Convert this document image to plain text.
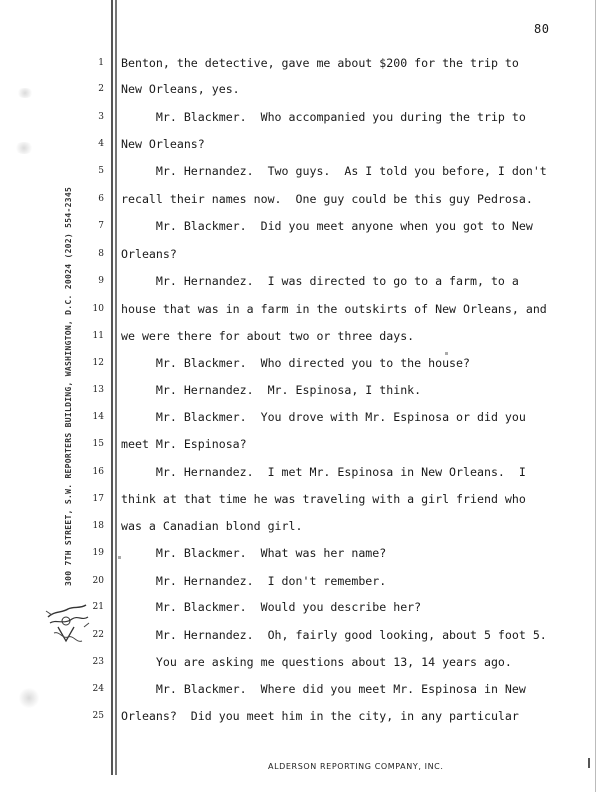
80
300 7TH STREET, S.W. REPORTERS BUILDING, WASHINGTON, D.C. 20024 (202) 554-2345
1
2
3
4
5
6
7
8
9
10
11
12
13
14
15
16
17
18
19
20
21
22
23
24
25
Benton, the detective, gave me about $200 for the trip to
New Orleans, yes.
Mr. Blackmer.  Who accompanied you during the trip to
New Orleans?
Mr. Hernandez.  Two guys.  As I told you before, I don't
recall their names now.  One guy could be this guy Pedrosa.
Mr. Blackmer.  Did you meet anyone when you got to New
Orleans?
Mr. Hernandez.  I was directed to go to a farm, to a
house that was in a farm in the outskirts of New Orleans, and
we were there for about two or three days.
Mr. Blackmer.  Who directed you to the house?
Mr. Hernandez.  Mr. Espinosa, I think.
Mr. Blackmer.  You drove with Mr. Espinosa or did you
meet Mr. Espinosa?
Mr. Hernandez.  I met Mr. Espinosa in New Orleans.  I
think at that time he was traveling with a girl friend who
was a Canadian blond girl.
Mr. Blackmer.  What was her name?
Mr. Hernandez.  I don't remember.
Mr. Blackmer.  Would you describe her?
Mr. Hernandez.  Oh, fairly good looking, about 5 foot 5.
You are asking me questions about 13, 14 years ago.
Mr. Blackmer.  Where did you meet Mr. Espinosa in New
Orleans?  Did you meet him in the city, in any particular
ALDERSON REPORTING COMPANY, INC.
